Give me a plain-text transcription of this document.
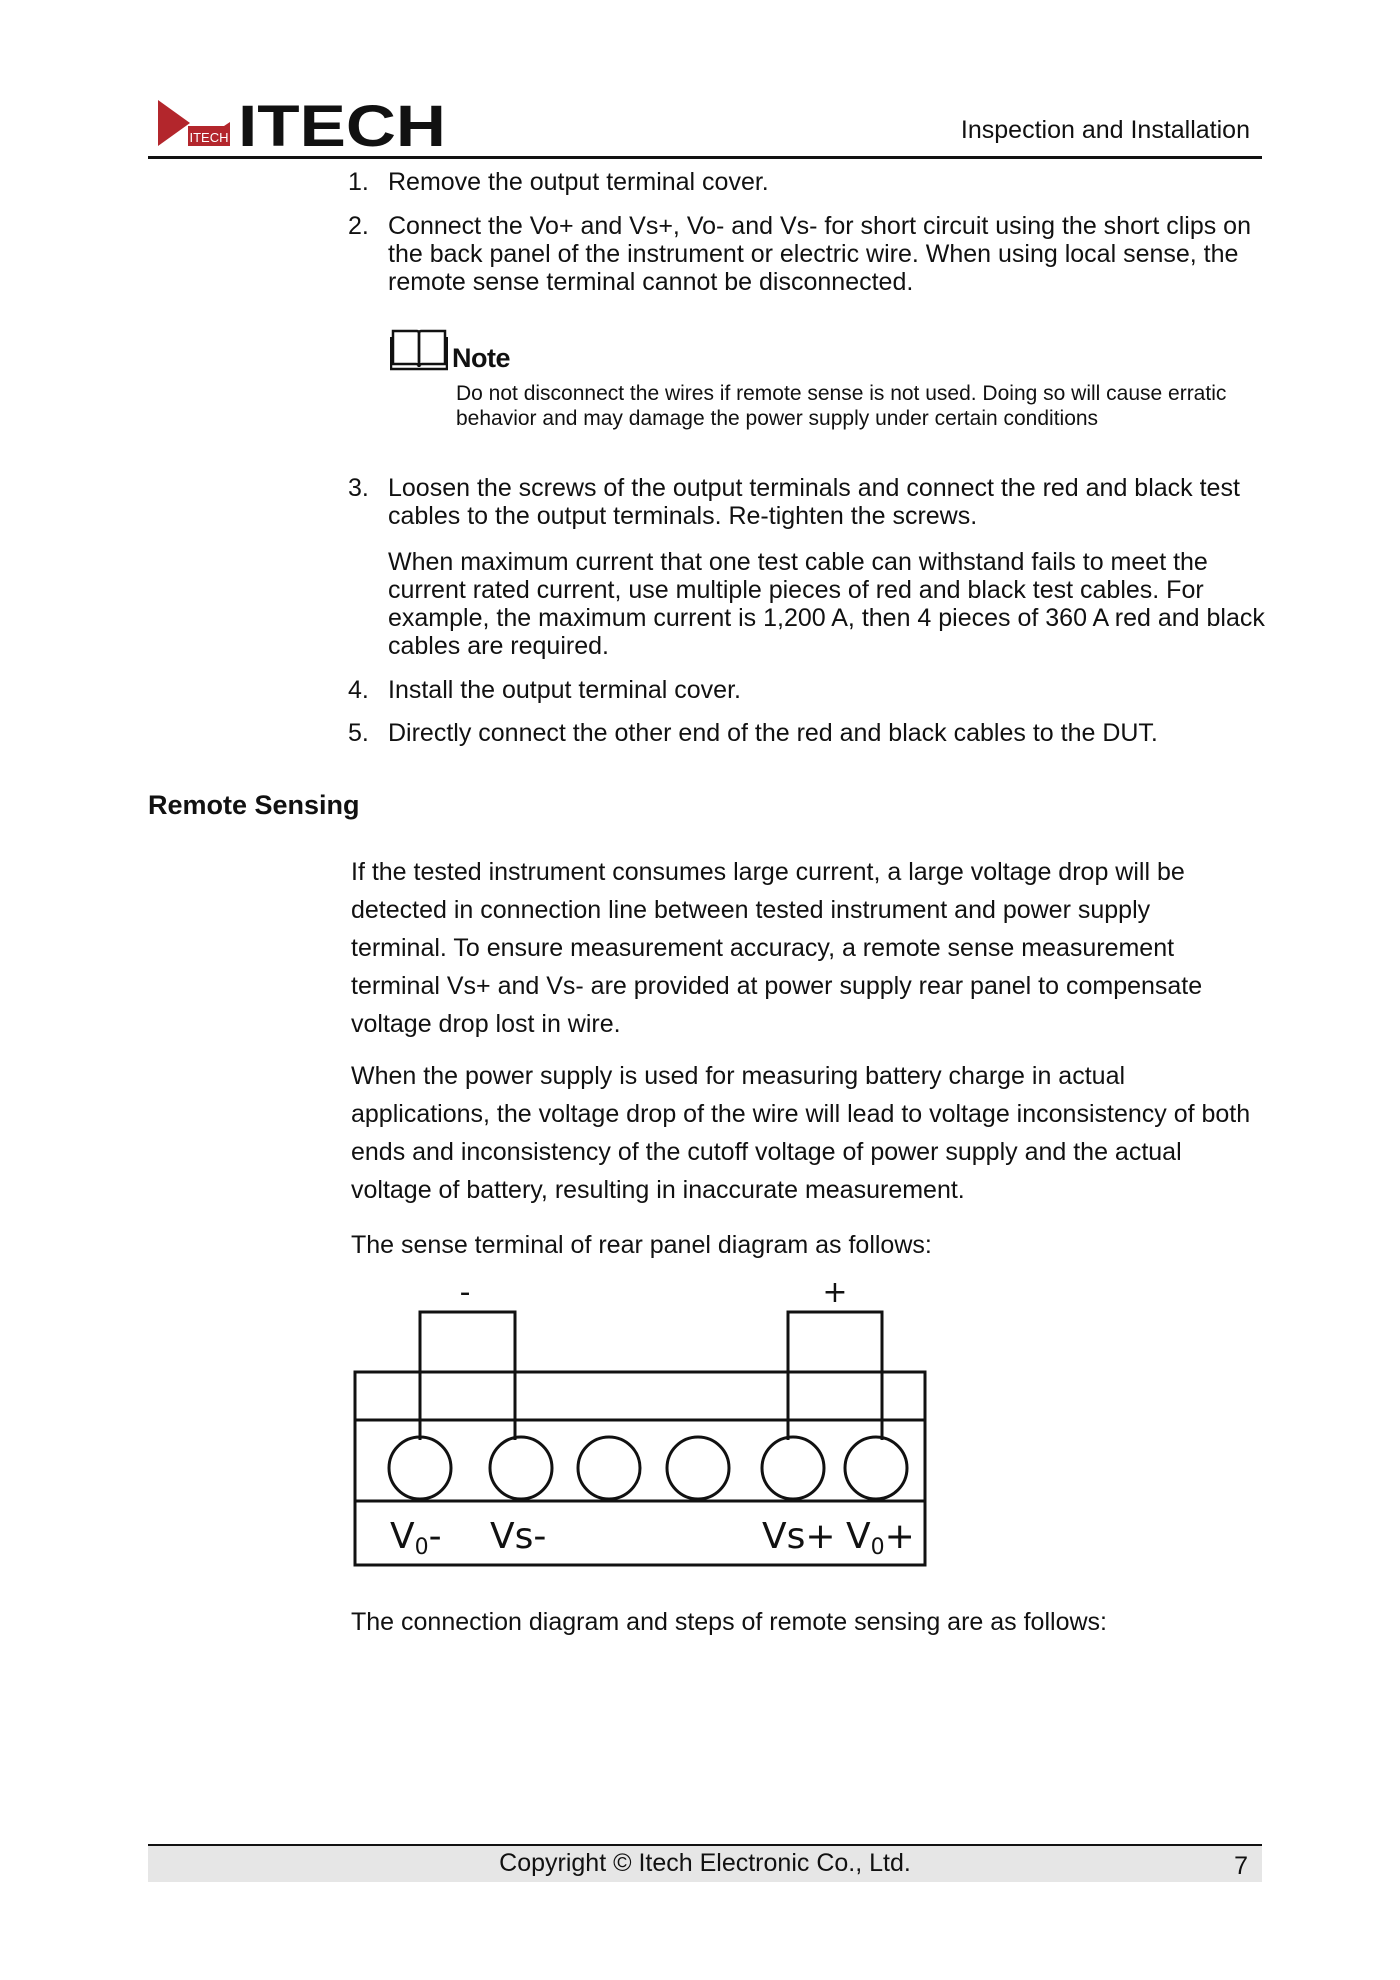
ITECH ITECH	Inspection and Installation
1. Remove the output terminal cover.
2. Connect the Vo+ and Vs+, Vo- and Vs- for short circuit using the short clips on the back panel of the instrument or electric wire. When using local sense, the remote sense terminal cannot be disconnected.
Note
Do not disconnect the wires if remote sense is not used. Doing so will cause erratic behavior and may damage the power supply under certain conditions
3. Loosen the screws of the output terminals and connect the red and black test cables to the output terminals. Re-tighten the screws.
When maximum current that one test cable can withstand fails to meet the current rated current, use multiple pieces of red and black test cables. For example, the maximum current is 1,200 A, then 4 pieces of 360 A red and black cables are required.
4. Install the output terminal cover.
5. Directly connect the other end of the red and black cables to the DUT.
Remote Sensing
If the tested instrument consumes large current, a large voltage drop will be detected in connection line between tested instrument and power supply terminal. To ensure measurement accuracy, a remote sense measurement terminal Vs+ and Vs- are provided at power supply rear panel to compensate voltage drop lost in wire.
When the power supply is used for measuring battery charge in actual applications, the voltage drop of the wire will lead to voltage inconsistency of both ends and inconsistency of the cutoff voltage of power supply and the actual voltage of battery, resulting in inaccurate measurement.
The sense terminal of rear panel diagram as follows:
-	+
V0- Vs-	Vs+ V0+
The connection diagram and steps of remote sensing are as follows:
Copyright © Itech Electronic Co., Ltd.	7
